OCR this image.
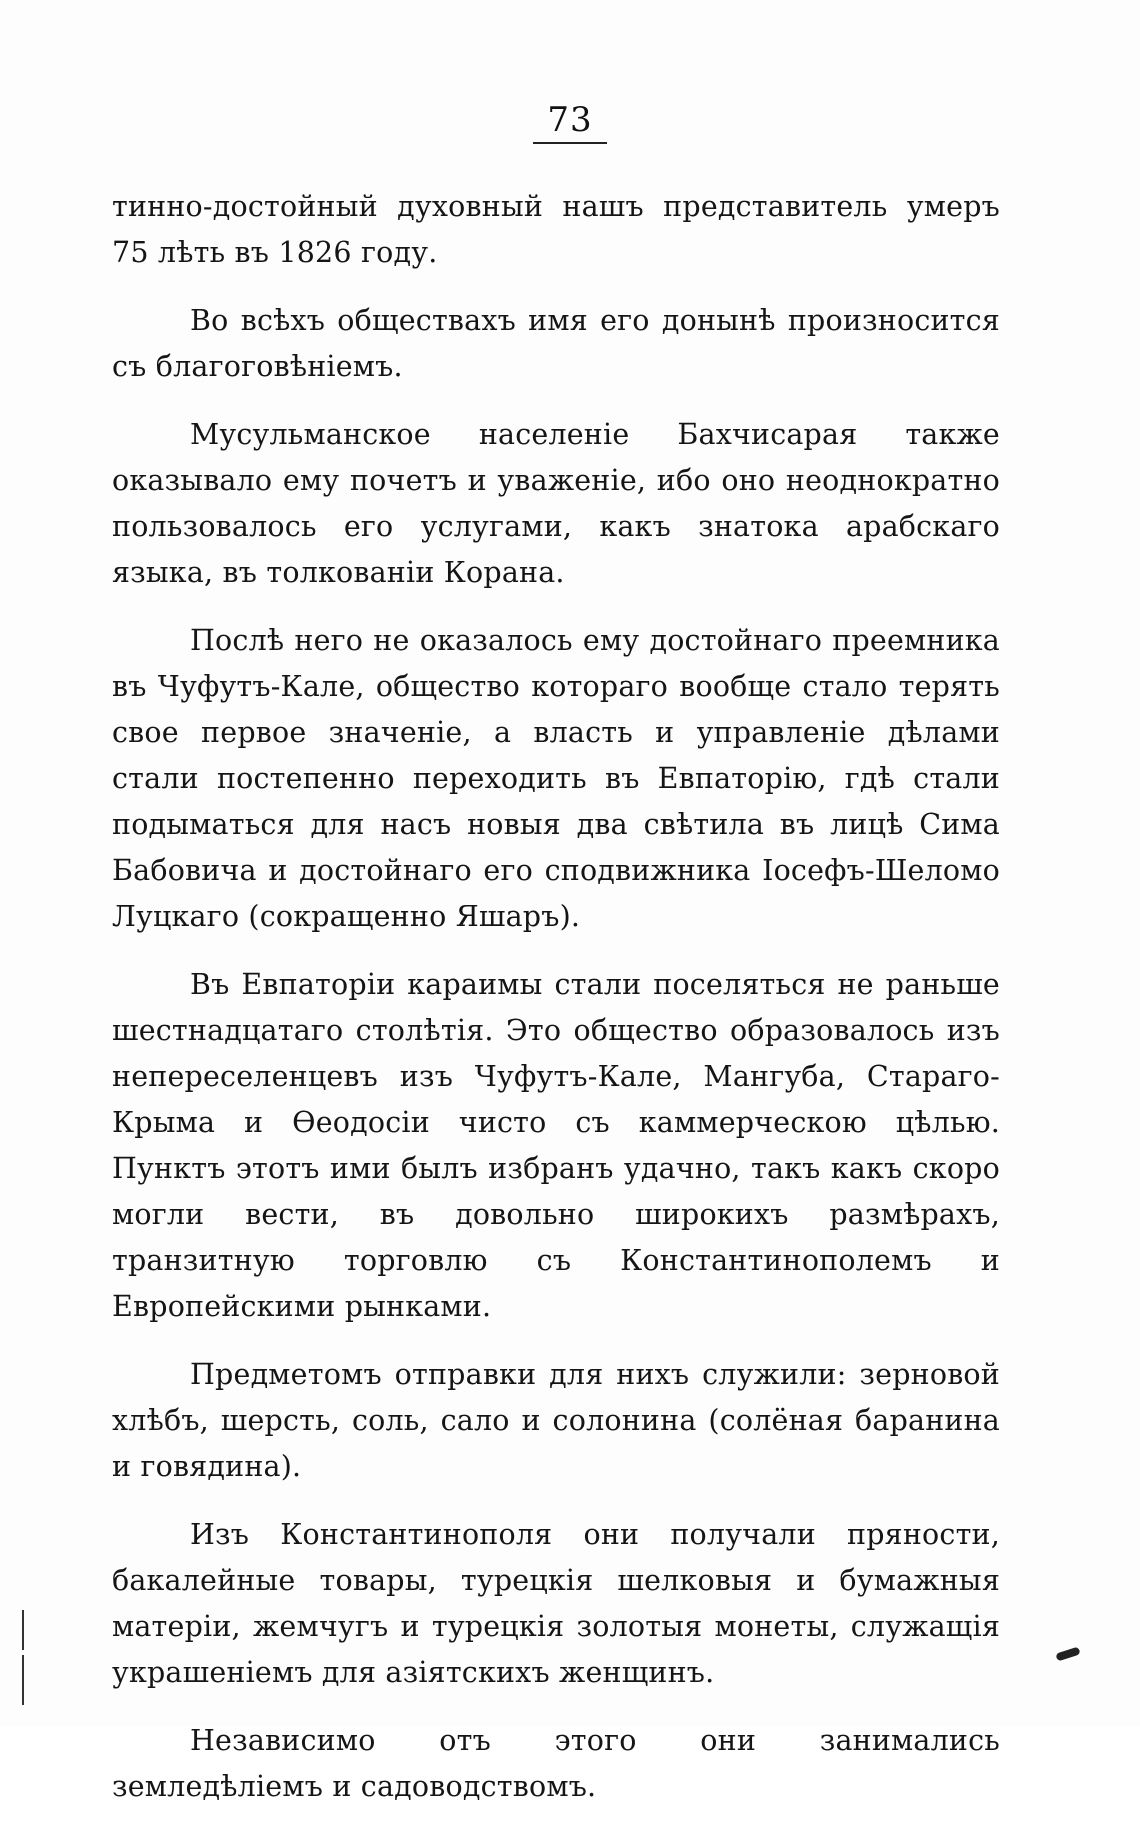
73

тинно-достойный духовный нашъ представитель умеръ 75 лѣть въ 1826 году.

Во всѣхъ обществахъ имя его донынѣ произносится съ благоговѣніемъ.

Мусульманское населеніе Бахчисарая также оказывало ему почетъ и уваженіе, ибо оно неоднократно пользовалось его услугами, какъ знатока арабскаго языка, въ толкованіи Корана.

Послѣ него не оказалось ему достойнаго преемника въ Чуфутъ-Кале, общество котораго вообще стало терять свое первое значеніе, а власть и управленіе дѣлами стали постепенно переходить въ Евпаторію, гдѣ стали подыматься для насъ новыя два свѣтила въ лицѣ Сима Бабовича и достойнаго его сподвижника Іосефъ-Шеломо Луцкаго (сокращенно Яшаръ).

Въ Евпаторіи караимы стали поселяться не раньше шестнадцатаго столѣтія. Это общество образовалось изъ непереселенцевъ изъ Чуфутъ-Кале, Мангуба, Стараго-Крыма и Ѳеодосіи чисто съ каммерческою цѣлью. Пунктъ этотъ ими былъ избранъ удачно, такъ какъ скоро могли вести, въ довольно широкихъ размѣрахъ, транзитную торговлю съ Константинополемъ и Европейскими рынками.

Предметомъ отправки для нихъ служили: зерновой хлѣбъ, шерсть, соль, сало и солонина (солёная баранина и говядина).

Изъ Константинополя они получали пряности, бакалейные товары, турецкія шелковыя и бумажныя матеріи, жемчугъ и турецкія золотыя монеты, служащія украшеніемъ для азіятскихъ женщинъ.

Независимо отъ этого они занимались земледѣліемъ и садоводствомъ.
